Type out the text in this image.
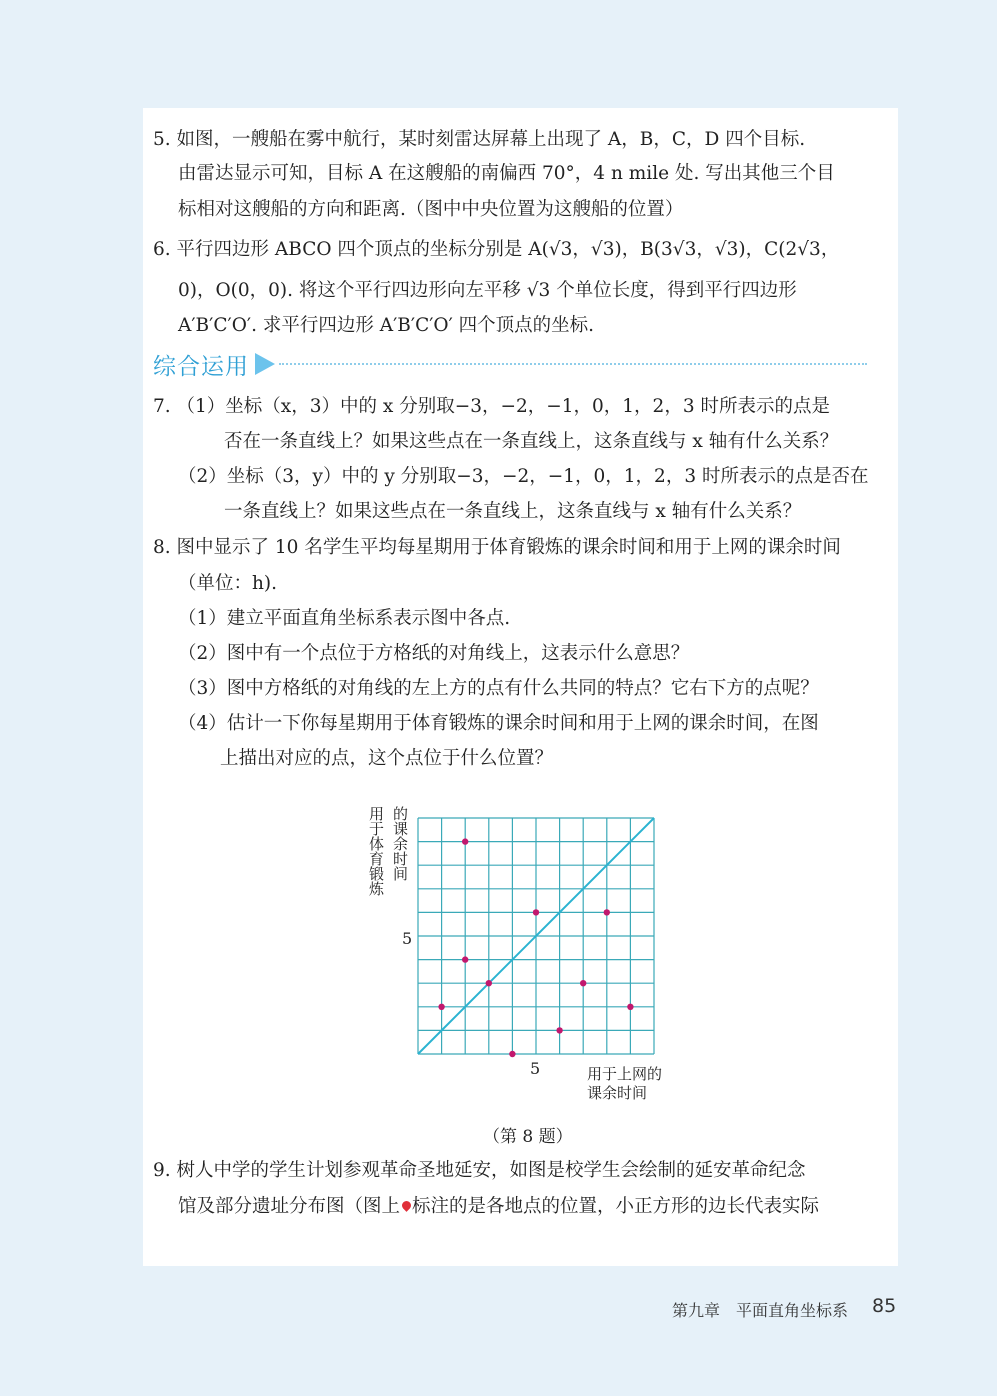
5. 如图，一艘船在雾中航行，某时刻雷达屏幕上出现了 A，B，C，D 四个目标.
由雷达显示可知，目标 A 在这艘船的南偏西 70°，4 n mile 处. 写出其他三个目
标相对这艘船的方向和距离.（图中中央位置为这艘船的位置）
6. 平行四边形 ABCO 四个顶点的坐标分别是 A(√3，√3)，B(3√3，√3)，C(2√3，
0)，O(0，0). 将这个平行四边形向左平移 √3 个单位长度，得到平行四边形
A′B′C′O′. 求平行四边形 A′B′C′O′ 四个顶点的坐标.
综合运用
7. （1）坐标（x，3）中的 x 分别取−3，−2，−1，0，1，2，3 时所表示的点是
否在一条直线上？如果这些点在一条直线上，这条直线与 x 轴有什么关系？
（2）坐标（3，y）中的 y 分别取−3，−2，−1，0，1，2，3 时所表示的点是否在
一条直线上？如果这些点在一条直线上，这条直线与 x 轴有什么关系？
8. 图中显示了 10 名学生平均每星期用于体育锻炼的课余时间和用于上网的课余时间
（单位：h).
（1）建立平面直角坐标系表示图中各点.
（2）图中有一个点位于方格纸的对角线上，这表示什么意思？
（3）图中方格纸的对角线的左上方的点有什么共同的特点？它右下方的点呢？
（4）估计一下你每星期用于体育锻炼的课余时间和用于上网的课余时间，在图
上描出对应的点，这个点位于什么位置？
用于体育锻炼 的课余时间
5
5	用于上网的
课余时间
（第 8 题）
9. 树人中学的学生计划参观革命圣地延安，如图是校学生会绘制的延安革命纪念
馆及部分遗址分布图（图上 标注的是各地点的位置，小正方形的边长代表实际
第九章　平面直角坐标系 85
